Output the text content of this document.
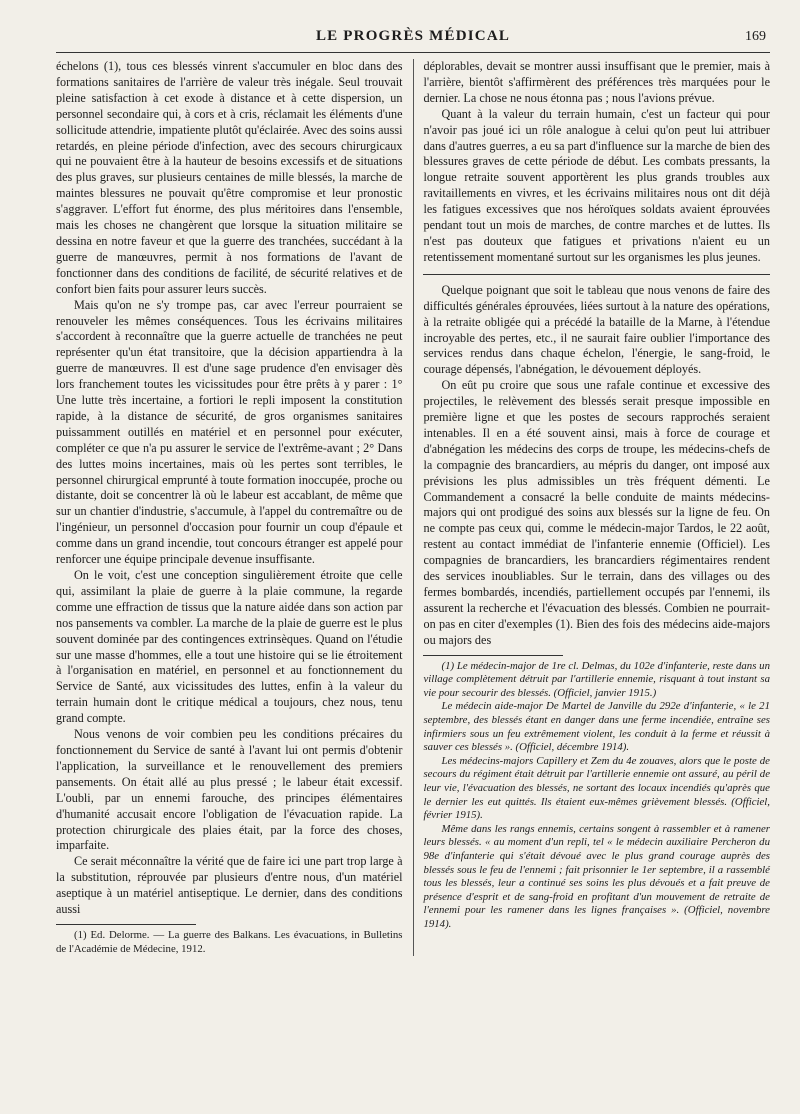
LE PROGRÈS MÉDICAL	169

échelons (1), tous ces blessés vinrent s'accumuler en bloc dans des formations sanitaires de l'arrière de valeur très inégale. Seul trouvait pleine satisfaction à cet exode à distance et à cette dispersion, un personnel secondaire qui, à cors et à cris, réclamait les éléments d'une sollicitude attendrie, impatiente plutôt qu'éclairée. Avec des soins aussi retardés, en pleine période d'infection, avec des secours chirurgicaux qui ne pouvaient être à la hauteur de besoins excessifs et de situations des plus graves, sur plusieurs centaines de mille blessés, la marche de maintes blessures ne pouvait qu'être compromise et leur pronostic s'aggraver. L'effort fut énorme, des plus méritoires dans l'ensemble, mais les choses ne changèrent que lorsque la situation militaire se dessina en notre faveur et que la guerre des tranchées, succédant à la guerre de manœuvres, permit à nos formations de l'avant de fonctionner dans des conditions de facilité, de sécurité relatives et de confort bien faits pour assurer leurs succès.

Mais qu'on ne s'y trompe pas, car avec l'erreur pourraient se renouveler les mêmes conséquences. Tous les écrivains militaires s'accordent à reconnaître que la guerre actuelle de tranchées ne peut représenter qu'un état transitoire, que la décision appartiendra à la guerre de manœuvres. Il est d'une sage prudence d'en envisager dès lors franchement toutes les vicissitudes pour être prêts à y parer : 1° Une lutte très incertaine, a fortiori le repli imposent la constitution rapide, à la distance de sécurité, de gros organismes sanitaires puissamment outillés en matériel et en personnel pour exécuter, compléter ce que n'a pu assurer le service de l'extrême-avant ; 2° Dans des luttes moins incertaines, mais où les pertes sont terribles, le personnel chirurgical emprunté à toute formation inoccupée, proche ou distante, doit se concentrer là où le labeur est accablant, de même que sur un chantier d'industrie, s'accumule, à l'appel du contremaître ou de l'ingénieur, un personnel d'occasion pour fournir un coup d'épaule et comme dans un grand incendie, tout concours étranger est appelé pour renforcer une équipe principale devenue insuffisante.

On le voit, c'est une conception singulièrement étroite que celle qui, assimilant la plaie de guerre à la plaie commune, la regarde comme une effraction de tissus que la nature aidée dans son action par nos pansements va combler. La marche de la plaie de guerre est le plus souvent dominée par des contingences extrinsèques. Quand on l'étudie sur une masse d'hommes, elle a tout une histoire qui se lie étroitement à l'organisation en matériel, en personnel et au fonctionnement du Service de Santé, aux vicissitudes des luttes, enfin à la valeur du terrain humain dont le critique médical a toujours, chez nous, tenu grand compte.

Nous venons de voir combien peu les conditions précaires du fonctionnement du Service de santé à l'avant lui ont permis d'obtenir l'application, la surveillance et le renouvellement des premiers pansements. On était allé au plus pressé ; le labeur était excessif. L'oubli, par un ennemi farouche, des principes élémentaires d'humanité accusait encore l'obligation de l'évacuation rapide. La protection chirurgicale des plaies était, par la force des choses, imparfaite.

Ce serait méconnaître la vérité que de faire ici une part trop large à la substitution, réprouvée par plusieurs d'entre nous, d'un matériel aseptique à un matériel antiseptique. Le dernier, dans des conditions aussi

(1) Ed. Delorme. — La guerre des Balkans. Les évacuations, in Bulletins de l'Académie de Médecine, 1912.

déplorables, devait se montrer aussi insuffisant que le premier, mais à l'arrière, bientôt s'affirmèrent des préférences très marquées pour le dernier. La chose ne nous étonna pas ; nous l'avions prévue.

Quant à la valeur du terrain humain, c'est un facteur qui pour n'avoir pas joué ici un rôle analogue à celui qu'on peut lui attribuer dans d'autres guerres, a eu sa part d'influence sur la marche de bien des blessures graves de cette période de début. Les combats pressants, la longue retraite souvent apportèrent les plus grands troubles aux ravitaillements en vivres, et les écrivains militaires nous ont dit déjà les fatigues excessives que nos héroïques soldats avaient éprouvées pendant tout un mois de marches, de contre marches et de luttes. Ils n'est pas douteux que fatigues et privations n'aient eu un retentissement momentané surtout sur les organismes les plus jeunes.

Quelque poignant que soit le tableau que nous venons de faire des difficultés générales éprouvées, liées surtout à la nature des opérations, à la retraite obligée qui a précédé la bataille de la Marne, à l'étendue incroyable des pertes, etc., il ne saurait faire oublier l'importance des services rendus dans chaque échelon, l'énergie, le sang-froid, le courage dépensés, l'abnégation, le dévouement déployés.

On eût pu croire que sous une rafale continue et excessive des projectiles, le relèvement des blessés serait presque impossible en première ligne et que les postes de secours rapprochés seraient intenables. Il en a été souvent ainsi, mais à force de courage et d'abnégation les médecins des corps de troupe, les médecins-chefs de la compagnie des brancardiers, au mépris du danger, ont imposé aux prévisions les plus admissibles un très fréquent démenti. Le Commandement a consacré la belle conduite de maints médecins-majors qui ont prodigué des soins aux blessés sur la ligne de feu. On ne compte pas ceux qui, comme le médecin-major Tardos, le 22 août, restent au contact immédiat de l'infanterie ennemie (Officiel). Les compagnies de brancardiers, les brancardiers régimentaires rendent des services inoubliables. Sur le terrain, dans des villages ou des fermes bombardés, incendiés, partiellement occupés par l'ennemi, ils assurent la recherche et l'évacuation des blessés. Combien ne pourrait-on pas en citer d'exemples (1). Bien des fois des médecins aide-majors ou majors des

(1) Le médecin-major de 1re cl. Delmas, du 102e d'infanterie, reste dans un village complètement détruit par l'artillerie ennemie, risquant à tout instant sa vie pour secourir des blessés. (Officiel, janvier 1915.)

Le médecin aide-major De Martel de Janville du 292e d'infanterie, « le 21 septembre, des blessés étant en danger dans une ferme incendiée, entraîne ses infirmiers sous un feu extrêmement violent, les conduit à la ferme et réussit à sauver ces blessés ». (Officiel, décembre 1914).

Les médecins-majors Capillery et Zem du 4e zouaves, alors que le poste de secours du régiment était détruit par l'artillerie ennemie ont assuré, au péril de leur vie, l'évacuation des blessés, ne sortant des locaux incendiés qu'après que le dernier les eut quittés. Ils étaient eux-mêmes grièvement blessés. (Officiel, février 1915).

Même dans les rangs ennemis, certains songent à rassembler et à ramener leurs blessés. « au moment d'un repli, tel « le médecin auxiliaire Percheron du 98e d'infanterie qui s'était dévoué avec le plus grand courage auprès des blessés sous le feu de l'ennemi ; fait prisonnier le 1er septembre, il a rassemblé tous les blessés, leur a continué ses soins les plus dévoués et a fait preuve de présence d'esprit et de sang-froid en profitant d'un mouvement de retraite de l'ennemi pour les ramener dans les lignes françaises ». (Officiel, novembre 1914).
